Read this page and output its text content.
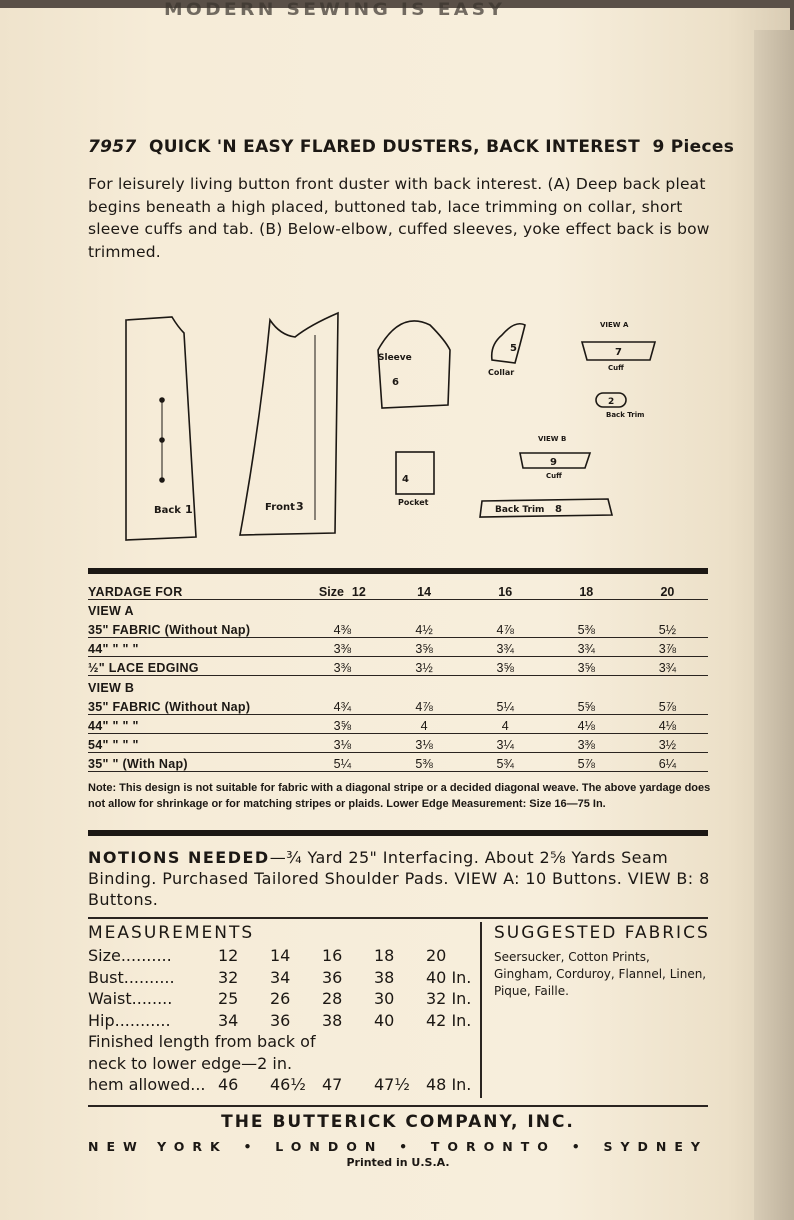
MODERN SEWING IS EASY
7957 QUICK 'N EASY FLARED DUSTERS, BACK INTEREST 9 Pieces
For leisurely living button front duster with back interest. (A) Deep back pleat begins beneath a high placed, buttoned tab, lace trimming on collar, short sleeve cuffs and tab. (B) Below-elbow, cuffed sleeves, yoke effect back is bow trimmed.
Back 1	Front 3
Sleeve
6
5
Collar
VIEW A
7
Cuff
2
Back Trim
VIEW B
9
Cuff
4
Pocket
Back Trim 8
YARDAGE FOR	Size 12	14	16	18	20
VIEW A					
35" FABRIC (Without Nap)	4⅜	4½	4⅞	5⅜	5½
44" " " "	3⅜	3⅝	3¾	3¾	3⅞
½" LACE EDGING	3⅜	3½	3⅝	3⅝	3¾
VIEW B					
35" FABRIC (Without Nap)	4¾	4⅞	5¼	5⅝	5⅞
44" " " "	3⅝	4	4	4⅛	4⅛
54" " " "	3⅛	3⅛	3¼	3⅜	3½
35" " (With Nap)	5¼	5⅜	5¾	5⅞	6¼
Note: This design is not suitable for fabric with a diagonal stripe or a decided diagonal weave. The above yardage does not allow for shrinkage or for matching stripes or plaids. Lower Edge Measurement: Size 16—75 In.
NOTIONS NEEDED—¾ Yard 25" Interfacing. About 2⅝ Yards Seam Binding. Purchased Tailored Shoulder Pads. VIEW A: 10 Buttons. VIEW B: 8 Buttons.
MEASUREMENTS
Size..........	12	14	16	18	20
Bust..........	32	34	36	38	40 In.
Waist........	25	26	28	30	32 In.
Hip...........	34	36	38	40	42 In.
Finished length from back of
neck to lower edge—2 in.
hem allowed... 46	46½	47	47½	48 In.
SUGGESTED FABRICS

Seersucker, Cotton Prints, Gingham, Corduroy, Flannel, Linen, Pique, Faille.

THE BUTTERICK COMPANY, INC.
NEW YORK • LONDON • TORONTO • SYDNEY
Printed in U.S.A.
